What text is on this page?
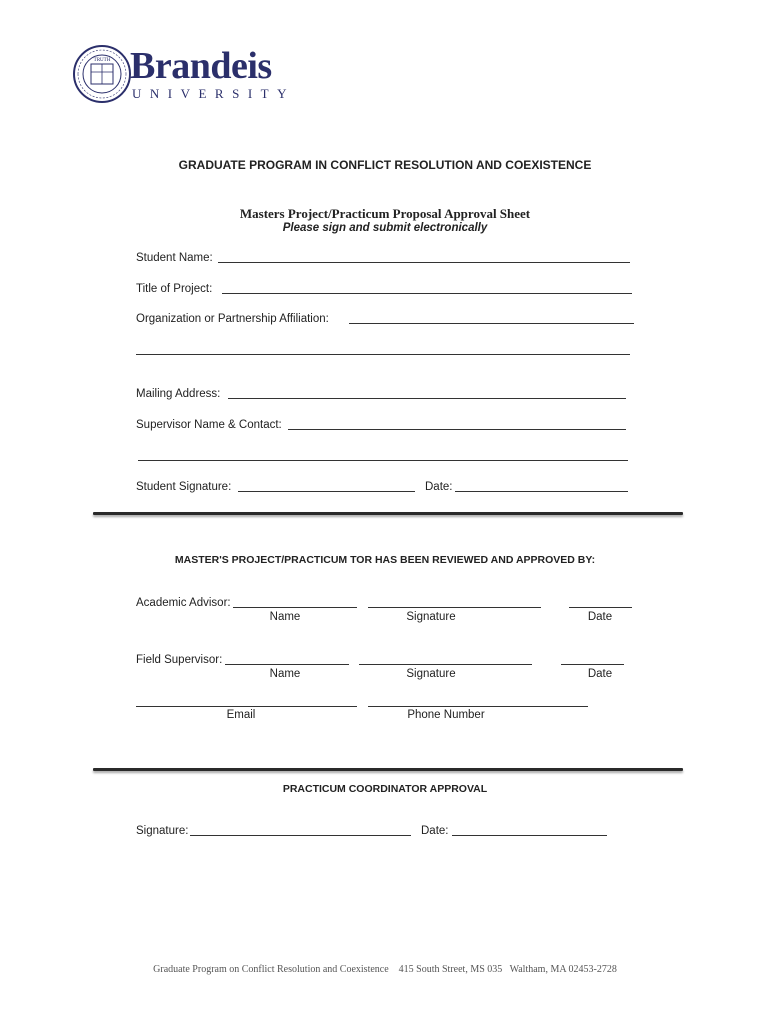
TRUTH Brandeis
UNIVERSITY
GRADUATE PROGRAM IN CONFLICT RESOLUTION AND COEXISTENCE
Masters Project/Practicum Proposal Approval Sheet
Please sign and submit electronically
Student Name:
Title of Project:
Organization or Partnership Affiliation:
Mailing Address:
Supervisor Name & Contact:
Student Signature:	Date:
MASTER'S PROJECT/PRACTICUM TOR HAS BEEN REVIEWED AND APPROVED BY:
Academic Advisor:
Name	Signature	Date
Field Supervisor:
Name	Signature	Date
Email	Phone Number
PRACTICUM COORDINATOR APPROVAL
Signature:	Date:
Graduate Program on Conflict Resolution and Coexistence    415 South Street, MS 035   Waltham, MA 02453-2728
